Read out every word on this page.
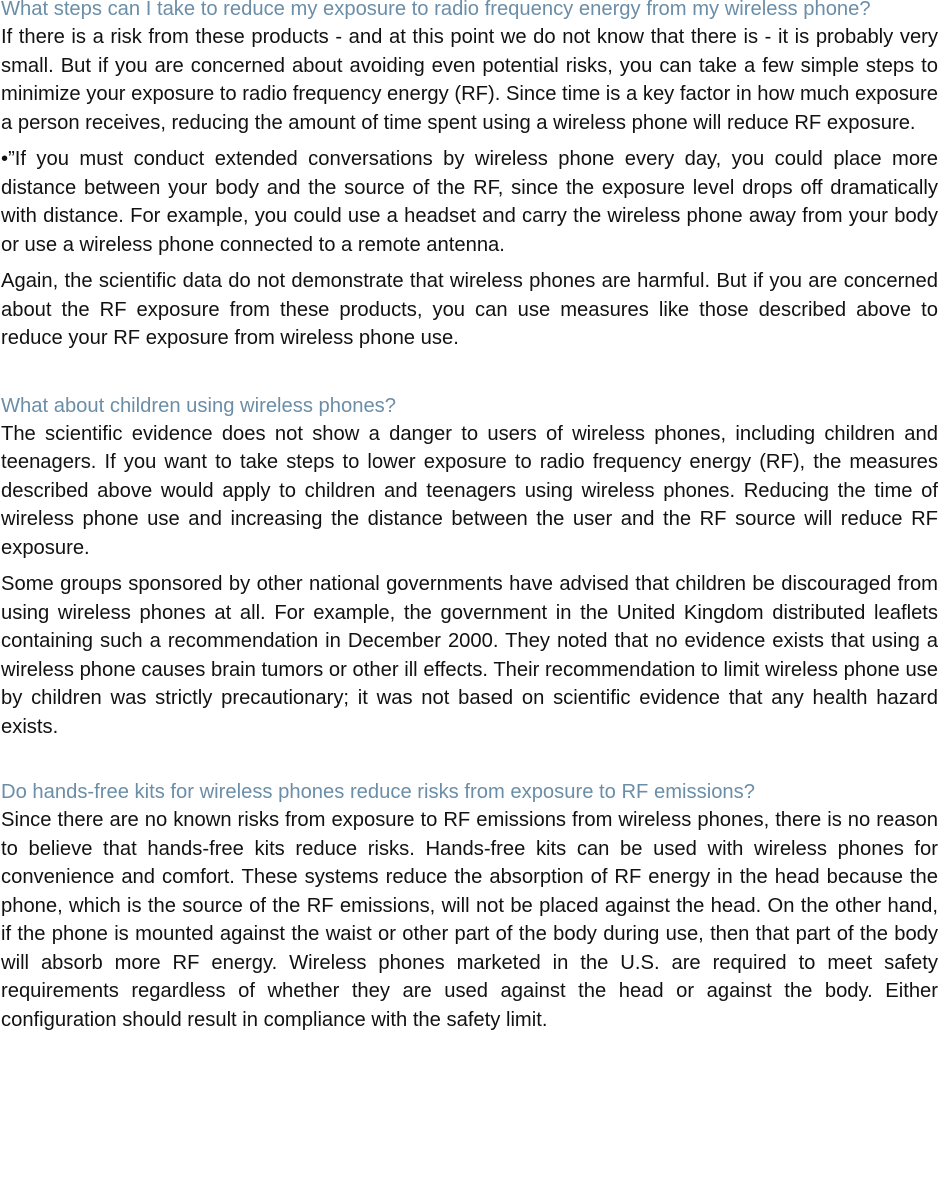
What steps can I take to reduce my exposure to radio frequency energy from my wireless phone?

If there is a risk from these products - and at this point we do not know that there is - it is probably very small. But if you are concerned about avoiding even potential risks, you can take a few simple steps to minimize your exposure to radio frequency energy (RF). Since time is a key factor in how much exposure a person receives, reducing the amount of time spent using a wireless phone will reduce RF exposure.

•”If you must conduct extended conversations by wireless phone every day, you could place more distance between your body and the source of the RF, since the exposure level drops off dramatically with distance. For example, you could use a headset and carry the wireless phone away from your body or use a wireless phone connected to a remote antenna.

Again, the scientific data do not demonstrate that wireless phones are harmful. But if you are concerned about the RF exposure from these products, you can use measures like those described above to reduce your RF exposure from wireless phone use.

What about children using wireless phones?

The scientific evidence does not show a danger to users of wireless phones, including children and teenagers. If you want to take steps to lower exposure to radio frequency energy (RF), the measures described above would apply to children and teenagers using wireless phones. Reducing the time of wireless phone use and increasing the distance between the user and the RF source will reduce RF exposure.

Some groups sponsored by other national governments have advised that children be discouraged from using wireless phones at all. For example, the government in the United Kingdom distributed leaflets containing such a recommendation in December 2000. They noted that no evidence exists that using a wireless phone causes brain tumors or other ill effects. Their recommendation to limit wireless phone use by children was strictly precautionary; it was not based on scientific evidence that any health hazard exists.

Do hands-free kits for wireless phones reduce risks from exposure to RF emissions?

Since there are no known risks from exposure to RF emissions from wireless phones, there is no reason to believe that hands-free kits reduce risks. Hands-free kits can be used with wireless phones for convenience and comfort. These systems reduce the absorption of RF energy in the head because the phone, which is the source of the RF emissions, will not be placed against the head. On the other hand, if the phone is mounted against the waist or other part of the body during use, then that part of the body will absorb more RF energy. Wireless phones marketed in the U.S. are required to meet safety requirements regardless of whether they are used against the head or against the body. Either configuration should result in compliance with the safety limit.
